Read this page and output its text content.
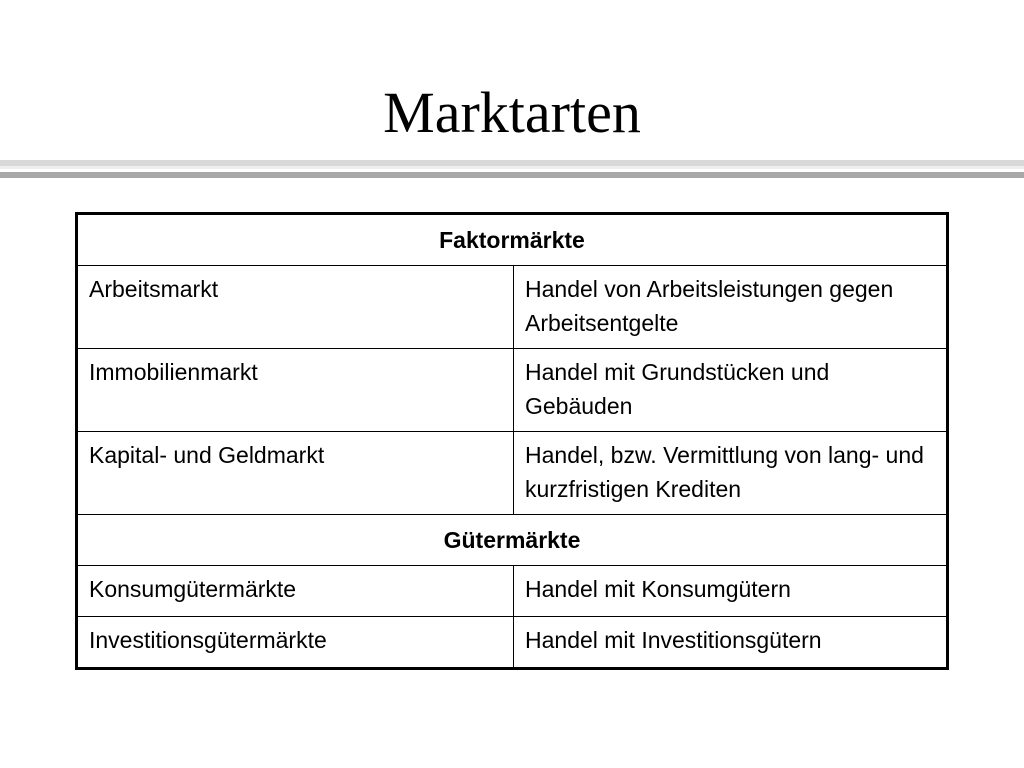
Marktarten
Faktormärkte	
Arbeitsmarkt	Handel von Arbeitsleistungen gegen Arbeitsentgelte
Immobilienmarkt	Handel mit Grundstücken und Gebäuden
Kapital- und Geldmarkt	Handel, bzw. Vermittlung von lang- und kurzfristigen Krediten
Gütermärkte	
Konsumgütermärkte	Handel mit Konsumgütern
Investitionsgütermärkte	Handel mit Investitionsgütern
